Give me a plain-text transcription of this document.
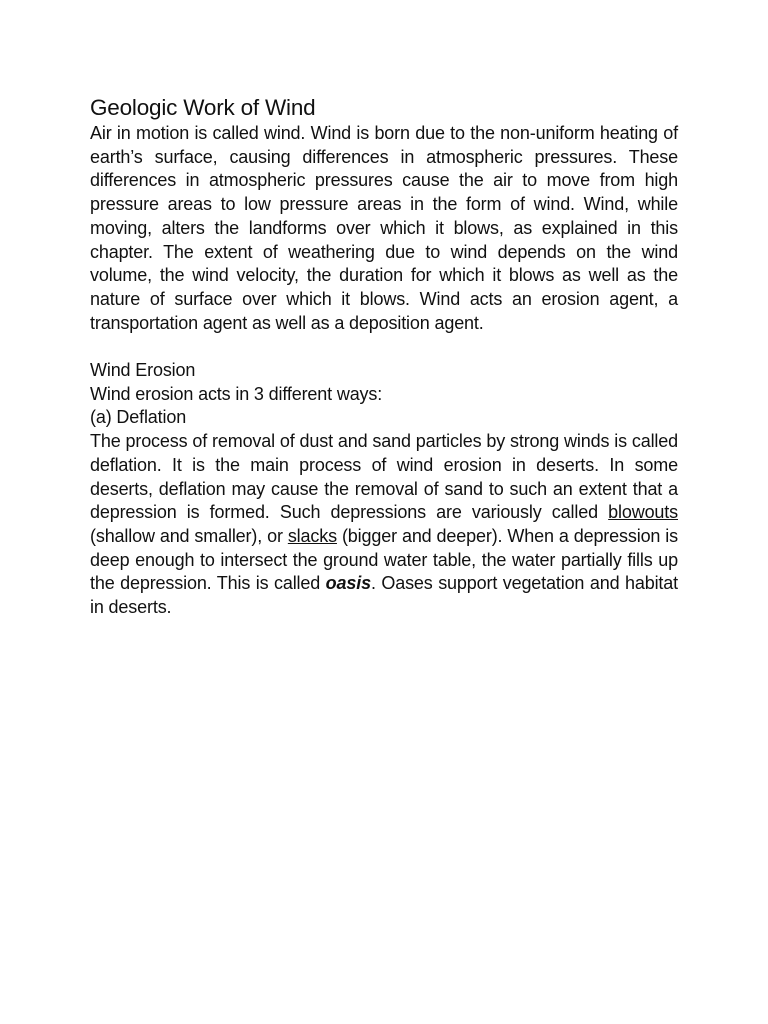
Geologic Work of Wind

Air in motion is called wind. Wind is born due to the non-uniform heating of earth’s surface, causing differences in atmospheric pressures. These differences in atmospheric pressures cause the air to move from high pressure areas to low pressure areas in the form of wind. Wind, while moving, alters the landforms over which it blows, as explained in this chapter. The extent of weathering due to wind depends on the wind volume, the wind velocity, the duration for which it blows as well as the nature of surface over which it blows. Wind acts an erosion agent, a transportation agent as well as a deposition agent.

Wind Erosion

Wind erosion acts in 3 different ways:

(a) Deflation

The process of removal of dust and sand particles by strong winds is called deflation. It is the main process of wind erosion in deserts. In some deserts, deflation may cause the removal of sand to such an extent that a depression is formed. Such depressions are variously called blowouts (shallow and smaller), or slacks (bigger and deeper). When a depression is deep enough to intersect the ground water table, the water partially fills up the depression. This is called oasis. Oases support vegetation and habitat in deserts.
